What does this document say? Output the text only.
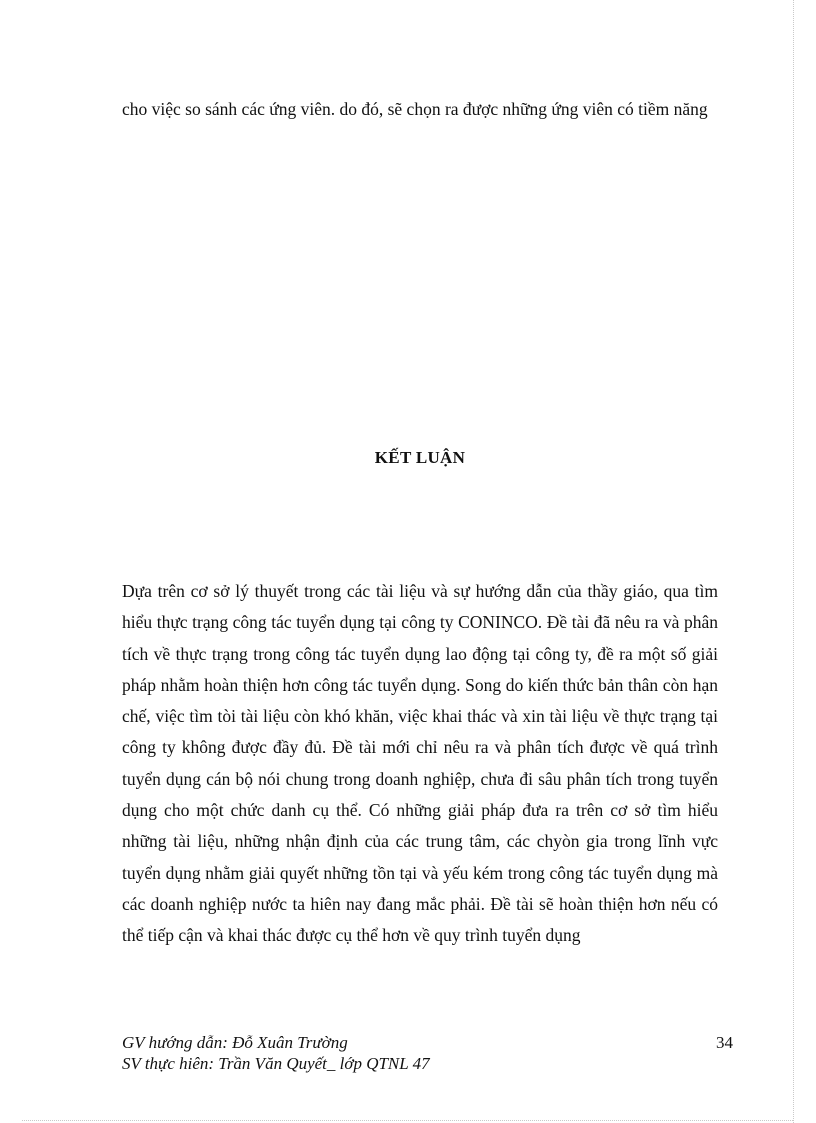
cho việc so sánh các ứng viên. do đó, sẽ chọn ra được những ứng viên có tiềm năng

KẾT LUẬN

Dựa trên cơ sở lý thuyết trong các tài liệu và sự hướng dẫn của thầy giáo, qua tìm hiểu thực trạng công tác tuyển dụng tại công ty CONINCO. Đề tài đã nêu ra và phân tích về thực trạng trong công tác tuyển dụng lao động tại công ty, đề ra một số giải pháp nhằm hoàn thiện hơn công tác tuyển dụng. Song do kiến thức bản thân còn hạn chế, việc tìm tòi tài liệu còn khó khăn, việc khai thác và xin tài liệu về thực trạng tại công ty không được đầy đủ. Đề tài mới chỉ nêu ra và phân tích được về quá trình tuyển dụng cán bộ nói chung trong doanh nghiệp, chưa đi sâu phân tích trong tuyển dụng cho một chức danh cụ thể. Có những giải pháp đưa ra trên cơ sở tìm hiểu những tài liệu, những nhận định của các trung tâm, các chyòn gia trong lĩnh vực tuyển dụng nhằm giải quyết những tồn tại và yếu kém trong công tác tuyển dụng mà các doanh nghiệp nước ta hiên nay đang mắc phải. Đề tài sẽ hoàn thiện hơn nếu có thể tiếp cận và khai thác được cụ thể hơn về quy trình tuyển dụng

GV hướng dẫn: Đỗ Xuân Trường
SV thực hiên: Trần Văn Quyết_ lớp QTNL 47
34
